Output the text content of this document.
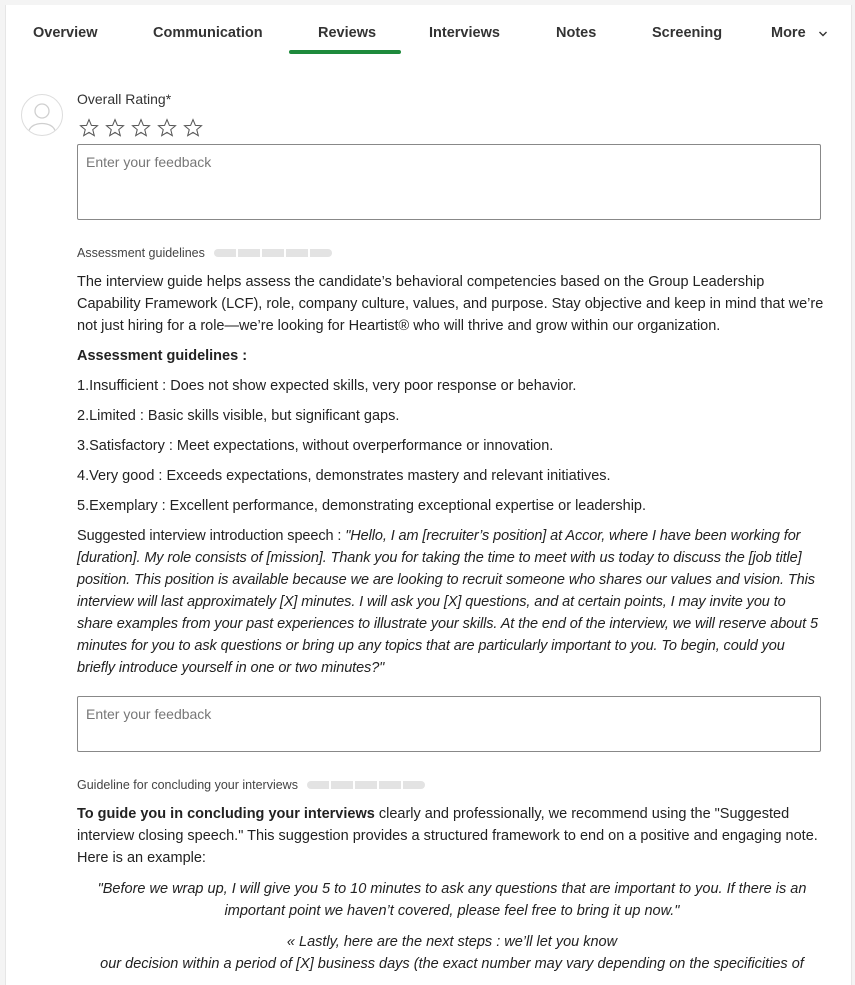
Overview	Communication	Reviews	Interviews	Notes	Screening	More
Overall Rating*
Enter your feedback
Assessment guidelines
The interview guide helps assess the candidate’s behavioral competencies based on the Group Leadership Capability Framework (LCF), role, company culture, values, and purpose. Stay objective and keep in mind that we’re not just hiring for a role—we’re looking for Heartist® who will thrive and grow within our organization.
Assessment guidelines :
1.Insufficient : Does not show expected skills, very poor response or behavior.
2.Limited : Basic skills visible, but significant gaps.
3.Satisfactory : Meet expectations, without overperformance or innovation.
4.Very good : Exceeds expectations, demonstrates mastery and relevant initiatives.
5.Exemplary : Excellent performance, demonstrating exceptional expertise or leadership.
Suggested interview introduction speech : "Hello, I am [recruiter’s position] at Accor, where I have been working for [duration]. My role consists of [mission]. Thank you for taking the time to meet with us today to discuss the [job title] position. This position is available because we are looking to recruit someone who shares our values and vision. This interview will last approximately [X] minutes. I will ask you [X] questions, and at certain points, I may invite you to share examples from your past experiences to illustrate your skills. At the end of the interview, we will reserve about 5 minutes for you to ask questions or bring up any topics that are particularly important to you. To begin, could you briefly introduce yourself in one or two minutes?"
Enter your feedback
Guideline for concluding your interviews
To guide you in concluding your interviews clearly and professionally, we recommend using the "Suggested interview closing speech." This suggestion provides a structured framework to end on a positive and engaging note. Here is an example:
"Before we wrap up, I will give you 5 to 10 minutes to ask any questions that are important to you. If there is an important point we haven’t covered, please feel free to bring it up now."
« Lastly, here are the next steps : we’ll let you know
our decision within a period of [X] business days (the exact number may vary depending on the specificities of
